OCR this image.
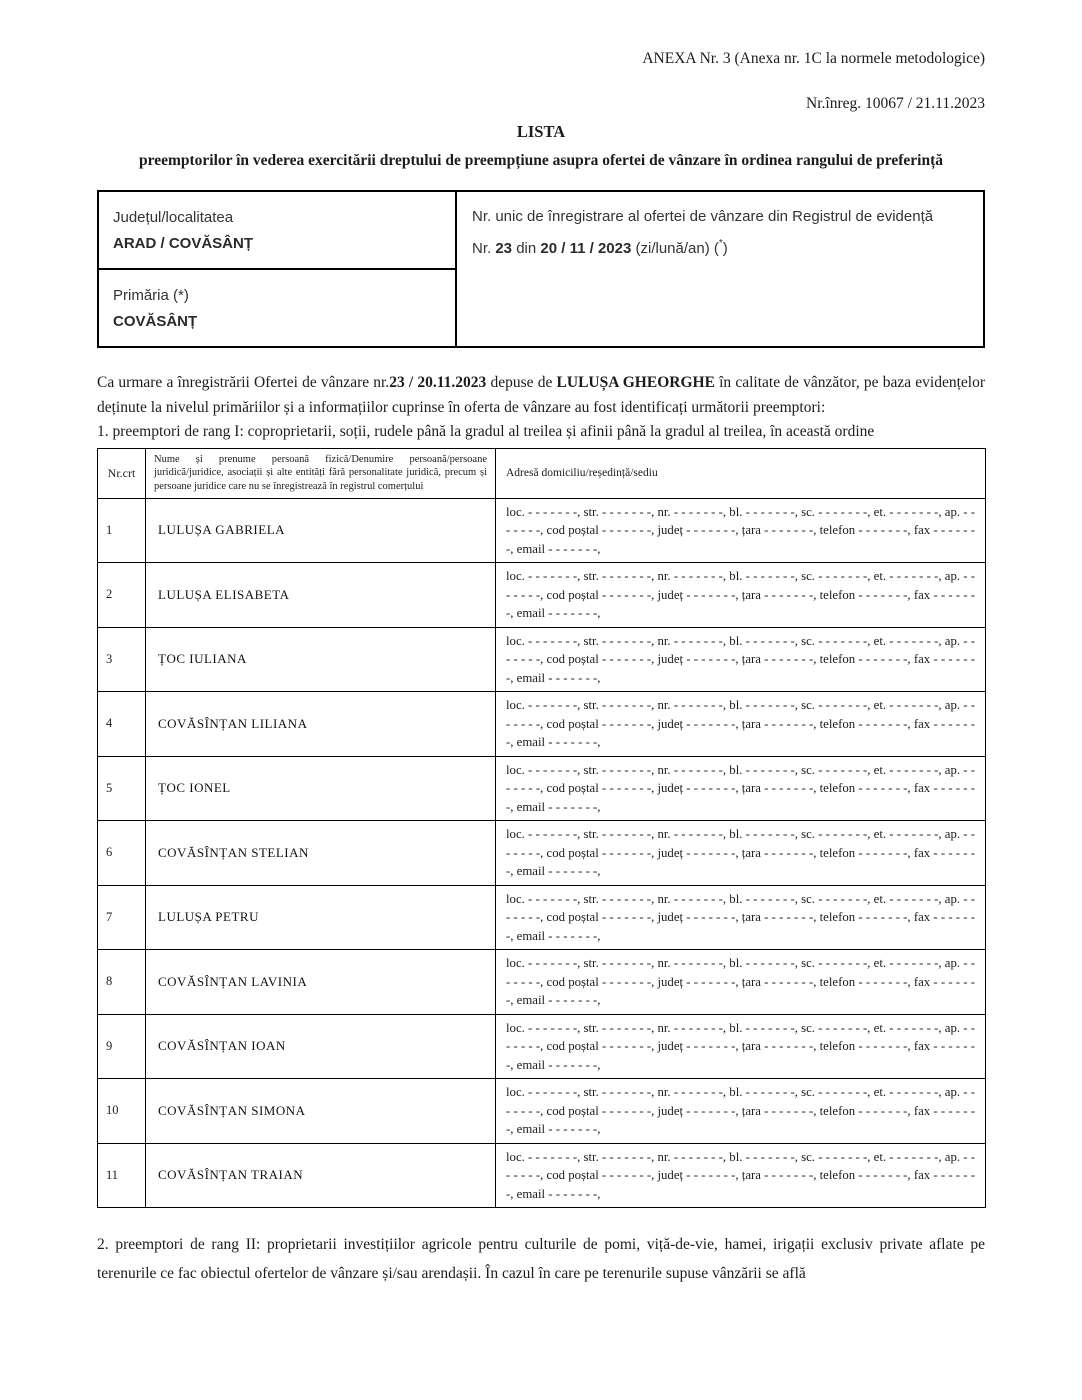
ANEXA Nr. 3 (Anexa nr. 1C la normele metodologice)
Nr.înreg. 10067 / 21.11.2023
LISTA
preemptorilor în vederea exercitării dreptului de preempțiune asupra ofertei de vânzare în ordinea rangului de preferință
Județul/localitatea
ARAD / COVĂSÂNȚ

Nr. unic de înregistrare al ofertei de vânzare din Registrul de evidență
Nr. 23 din 20 / 11 / 2023 (zi/lună/an) (*)

Primăria (*)
COVĂSÂNȚ

Ca urmare a înregistrării Ofertei de vânzare nr.23 / 20.11.2023 depuse de LULUȘA GHEORGHE în calitate de vânzător, pe baza evidențelor deținute la nivelul primăriilor și a informațiilor cuprinse în oferta de vânzare au fost identificați următorii preemptori:

1. preemptori de rang I: coproprietarii, soții, rudele până la gradul al treilea și afinii până la gradul al treilea, în această ordine

Nr.crt	Nume și prenume persoană fizică/Denumire persoană/persoane juridică/juridice, asociații și alte entități fără personalitate juridică, precum și persoane juridice care nu se înregistrează în registrul comerțului	Adresă domiciliu/reședință/sediu
1	LULUȘA GABRIELA	loc. - - - - - - -, str. - - - - - - -, nr. - - - - - - -, bl. - - - - - - -, sc. - - - - - - -, et. - - - - - - -, ap. - - - - - - -, cod poștal - - - - - - -, județ - - - - - - -, țara - - - - - - -, telefon - - - - - - -, fax - - - - - - -, email - - - - - - -,
2	LULUȘA ELISABETA	loc. - - - - - - -, str. - - - - - - -, nr. - - - - - - -, bl. - - - - - - -, sc. - - - - - - -, et. - - - - - - -, ap. - - - - - - -, cod poștal - - - - - - -, județ - - - - - - -, țara - - - - - - -, telefon - - - - - - -, fax - - - - - - -, email - - - - - - -,
3	ȚOC IULIANA	loc. - - - - - - -, str. - - - - - - -, nr. - - - - - - -, bl. - - - - - - -, sc. - - - - - - -, et. - - - - - - -, ap. - - - - - - -, cod poștal - - - - - - -, județ - - - - - - -, țara - - - - - - -, telefon - - - - - - -, fax - - - - - - -, email - - - - - - -,
4	COVĂSÎNȚAN LILIANA	loc. - - - - - - -, str. - - - - - - -, nr. - - - - - - -, bl. - - - - - - -, sc. - - - - - - -, et. - - - - - - -, ap. - - - - - - -, cod poștal - - - - - - -, județ - - - - - - -, țara - - - - - - -, telefon - - - - - - -, fax - - - - - - -, email - - - - - - -,
5	ȚOC IONEL	loc. - - - - - - -, str. - - - - - - -, nr. - - - - - - -, bl. - - - - - - -, sc. - - - - - - -, et. - - - - - - -, ap. - - - - - - -, cod poștal - - - - - - -, județ - - - - - - -, țara - - - - - - -, telefon - - - - - - -, fax - - - - - - -, email - - - - - - -,
6	COVĂSÎNȚAN STELIAN	loc. - - - - - - -, str. - - - - - - -, nr. - - - - - - -, bl. - - - - - - -, sc. - - - - - - -, et. - - - - - - -, ap. - - - - - - -, cod poștal - - - - - - -, județ - - - - - - -, țara - - - - - - -, telefon - - - - - - -, fax - - - - - - -, email - - - - - - -,
7	LULUȘA PETRU	loc. - - - - - - -, str. - - - - - - -, nr. - - - - - - -, bl. - - - - - - -, sc. - - - - - - -, et. - - - - - - -, ap. - - - - - - -, cod poștal - - - - - - -, județ - - - - - - -, țara - - - - - - -, telefon - - - - - - -, fax - - - - - - -, email - - - - - - -,
8	COVĂSÎNȚAN LAVINIA	loc. - - - - - - -, str. - - - - - - -, nr. - - - - - - -, bl. - - - - - - -, sc. - - - - - - -, et. - - - - - - -, ap. - - - - - - -, cod poștal - - - - - - -, județ - - - - - - -, țara - - - - - - -, telefon - - - - - - -, fax - - - - - - -, email - - - - - - -,
9	COVĂSÎNȚAN IOAN	loc. - - - - - - -, str. - - - - - - -, nr. - - - - - - -, bl. - - - - - - -, sc. - - - - - - -, et. - - - - - - -, ap. - - - - - - -, cod poștal - - - - - - -, județ - - - - - - -, țara - - - - - - -, telefon - - - - - - -, fax - - - - - - -, email - - - - - - -,
10	COVĂSÎNȚAN SIMONA	loc. - - - - - - -, str. - - - - - - -, nr. - - - - - - -, bl. - - - - - - -, sc. - - - - - - -, et. - - - - - - -, ap. - - - - - - -, cod poștal - - - - - - -, județ - - - - - - -, țara - - - - - - -, telefon - - - - - - -, fax - - - - - - -, email - - - - - - -,
11	COVĂSÎNȚAN TRAIAN	loc. - - - - - - -, str. - - - - - - -, nr. - - - - - - -, bl. - - - - - - -, sc. - - - - - - -, et. - - - - - - -, ap. - - - - - - -, cod poștal - - - - - - -, județ - - - - - - -, țara - - - - - - -, telefon - - - - - - -, fax - - - - - - -, email - - - - - - -,

2. preemptori de rang II: proprietarii investițiilor agricole pentru culturile de pomi, viță-de-vie, hamei, irigații exclusiv private aflate pe terenurile ce fac obiectul ofertelor de vânzare și/sau arendașii. În cazul în care pe terenurile supuse vânzării se află
